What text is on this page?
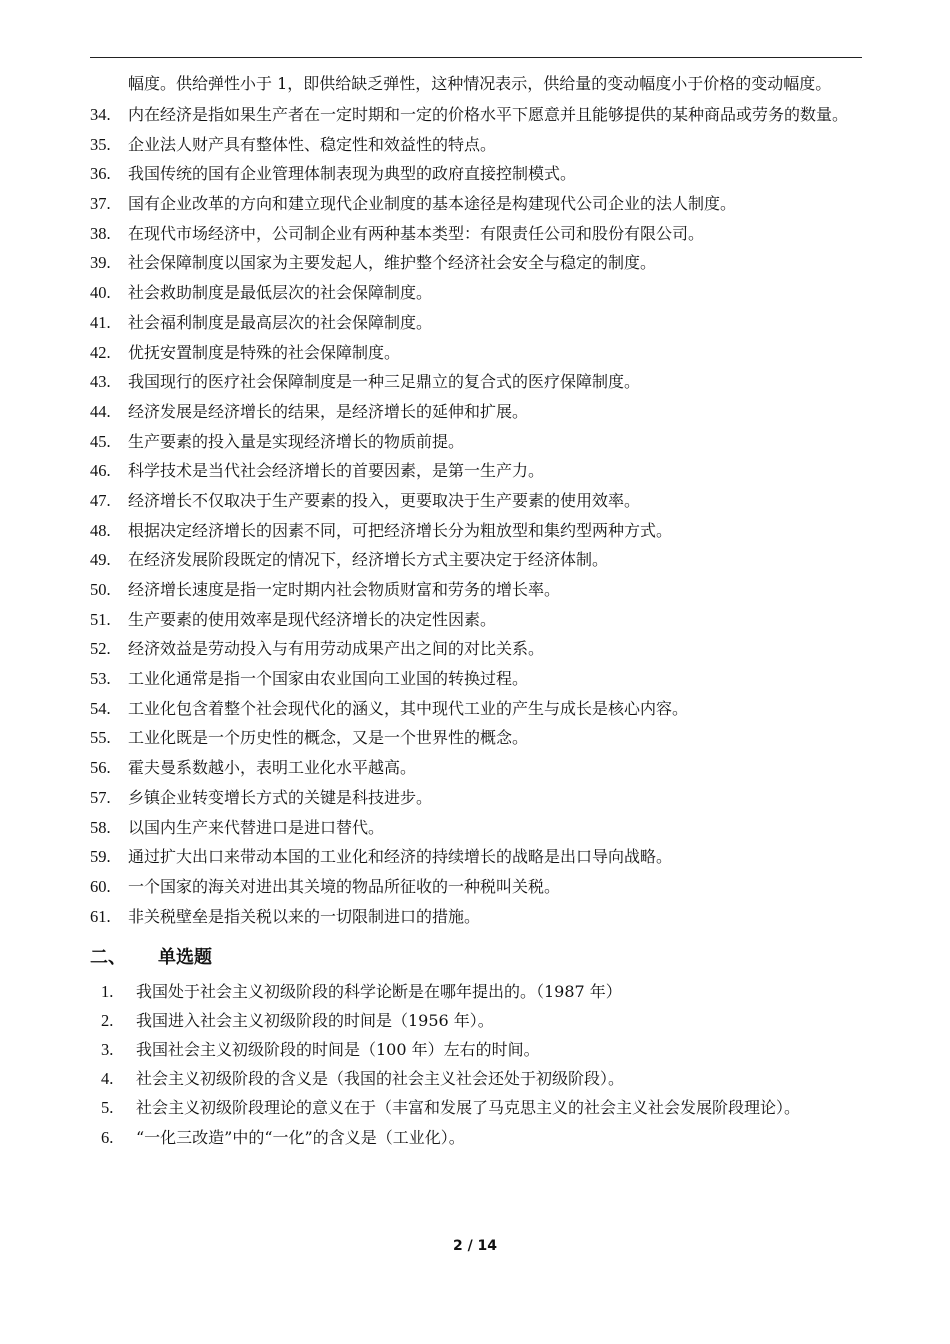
幅度。供给弹性小于 1，即供给缺乏弹性，这种情况表示，供给量的变动幅度小于价格的变动幅度。
34.	内在经济是指如果生产者在一定时期和一定的价格水平下愿意并且能够提供的某种商品或劳务的数量。
35.	企业法人财产具有整体性、稳定性和效益性的特点。
36.	我国传统的国有企业管理体制表现为典型的政府直接控制模式。
37.	国有企业改革的方向和建立现代企业制度的基本途径是构建现代公司企业的法人制度。
38.	在现代市场经济中，公司制企业有两种基本类型：有限责任公司和股份有限公司。
39.	社会保障制度以国家为主要发起人，维护整个经济社会安全与稳定的制度。
40.	社会救助制度是最低层次的社会保障制度。
41.	社会福利制度是最高层次的社会保障制度。
42.	优抚安置制度是特殊的社会保障制度。
43.	我国现行的医疗社会保障制度是一种三足鼎立的复合式的医疗保障制度。
44.	经济发展是经济增长的结果，是经济增长的延伸和扩展。
45.	生产要素的投入量是实现经济增长的物质前提。
46.	科学技术是当代社会经济增长的首要因素，是第一生产力。
47.	经济增长不仅取决于生产要素的投入，更要取决于生产要素的使用效率。
48.	根据决定经济增长的因素不同，可把经济增长分为粗放型和集约型两种方式。
49.	在经济发展阶段既定的情况下，经济增长方式主要决定于经济体制。
50.	经济增长速度是指一定时期内社会物质财富和劳务的增长率。
51.	生产要素的使用效率是现代经济增长的决定性因素。
52.	经济效益是劳动投入与有用劳动成果产出之间的对比关系。
53.	工业化通常是指一个国家由农业国向工业国的转换过程。
54.	工业化包含着整个社会现代化的涵义，其中现代工业的产生与成长是核心内容。
55.	工业化既是一个历史性的概念，又是一个世界性的概念。
56.	霍夫曼系数越小，表明工业化水平越高。
57.	乡镇企业转变增长方式的关键是科技进步。
58.	以国内生产来代替进口是进口替代。
59.	通过扩大出口来带动本国的工业化和经济的持续增长的战略是出口导向战略。
60.	一个国家的海关对进出其关境的物品所征收的一种税叫关税。
61.	非关税壁垒是指关税以来的一切限制进口的措施。
二、	单选题
1.	我国处于社会主义初级阶段的科学论断是在哪年提出的。（1987 年）
2.	我国进入社会主义初级阶段的时间是（1956 年）。
3.	我国社会主义初级阶段的时间是（100 年）左右的时间。
4.	社会主义初级阶段的含义是（我国的社会主义社会还处于初级阶段）。
5.	社会主义初级阶段理论的意义在于（丰富和发展了马克思主义的社会主义社会发展阶段理论）。
6.	“一化三改造”中的“一化”的含义是（工业化）。
2 / 14
